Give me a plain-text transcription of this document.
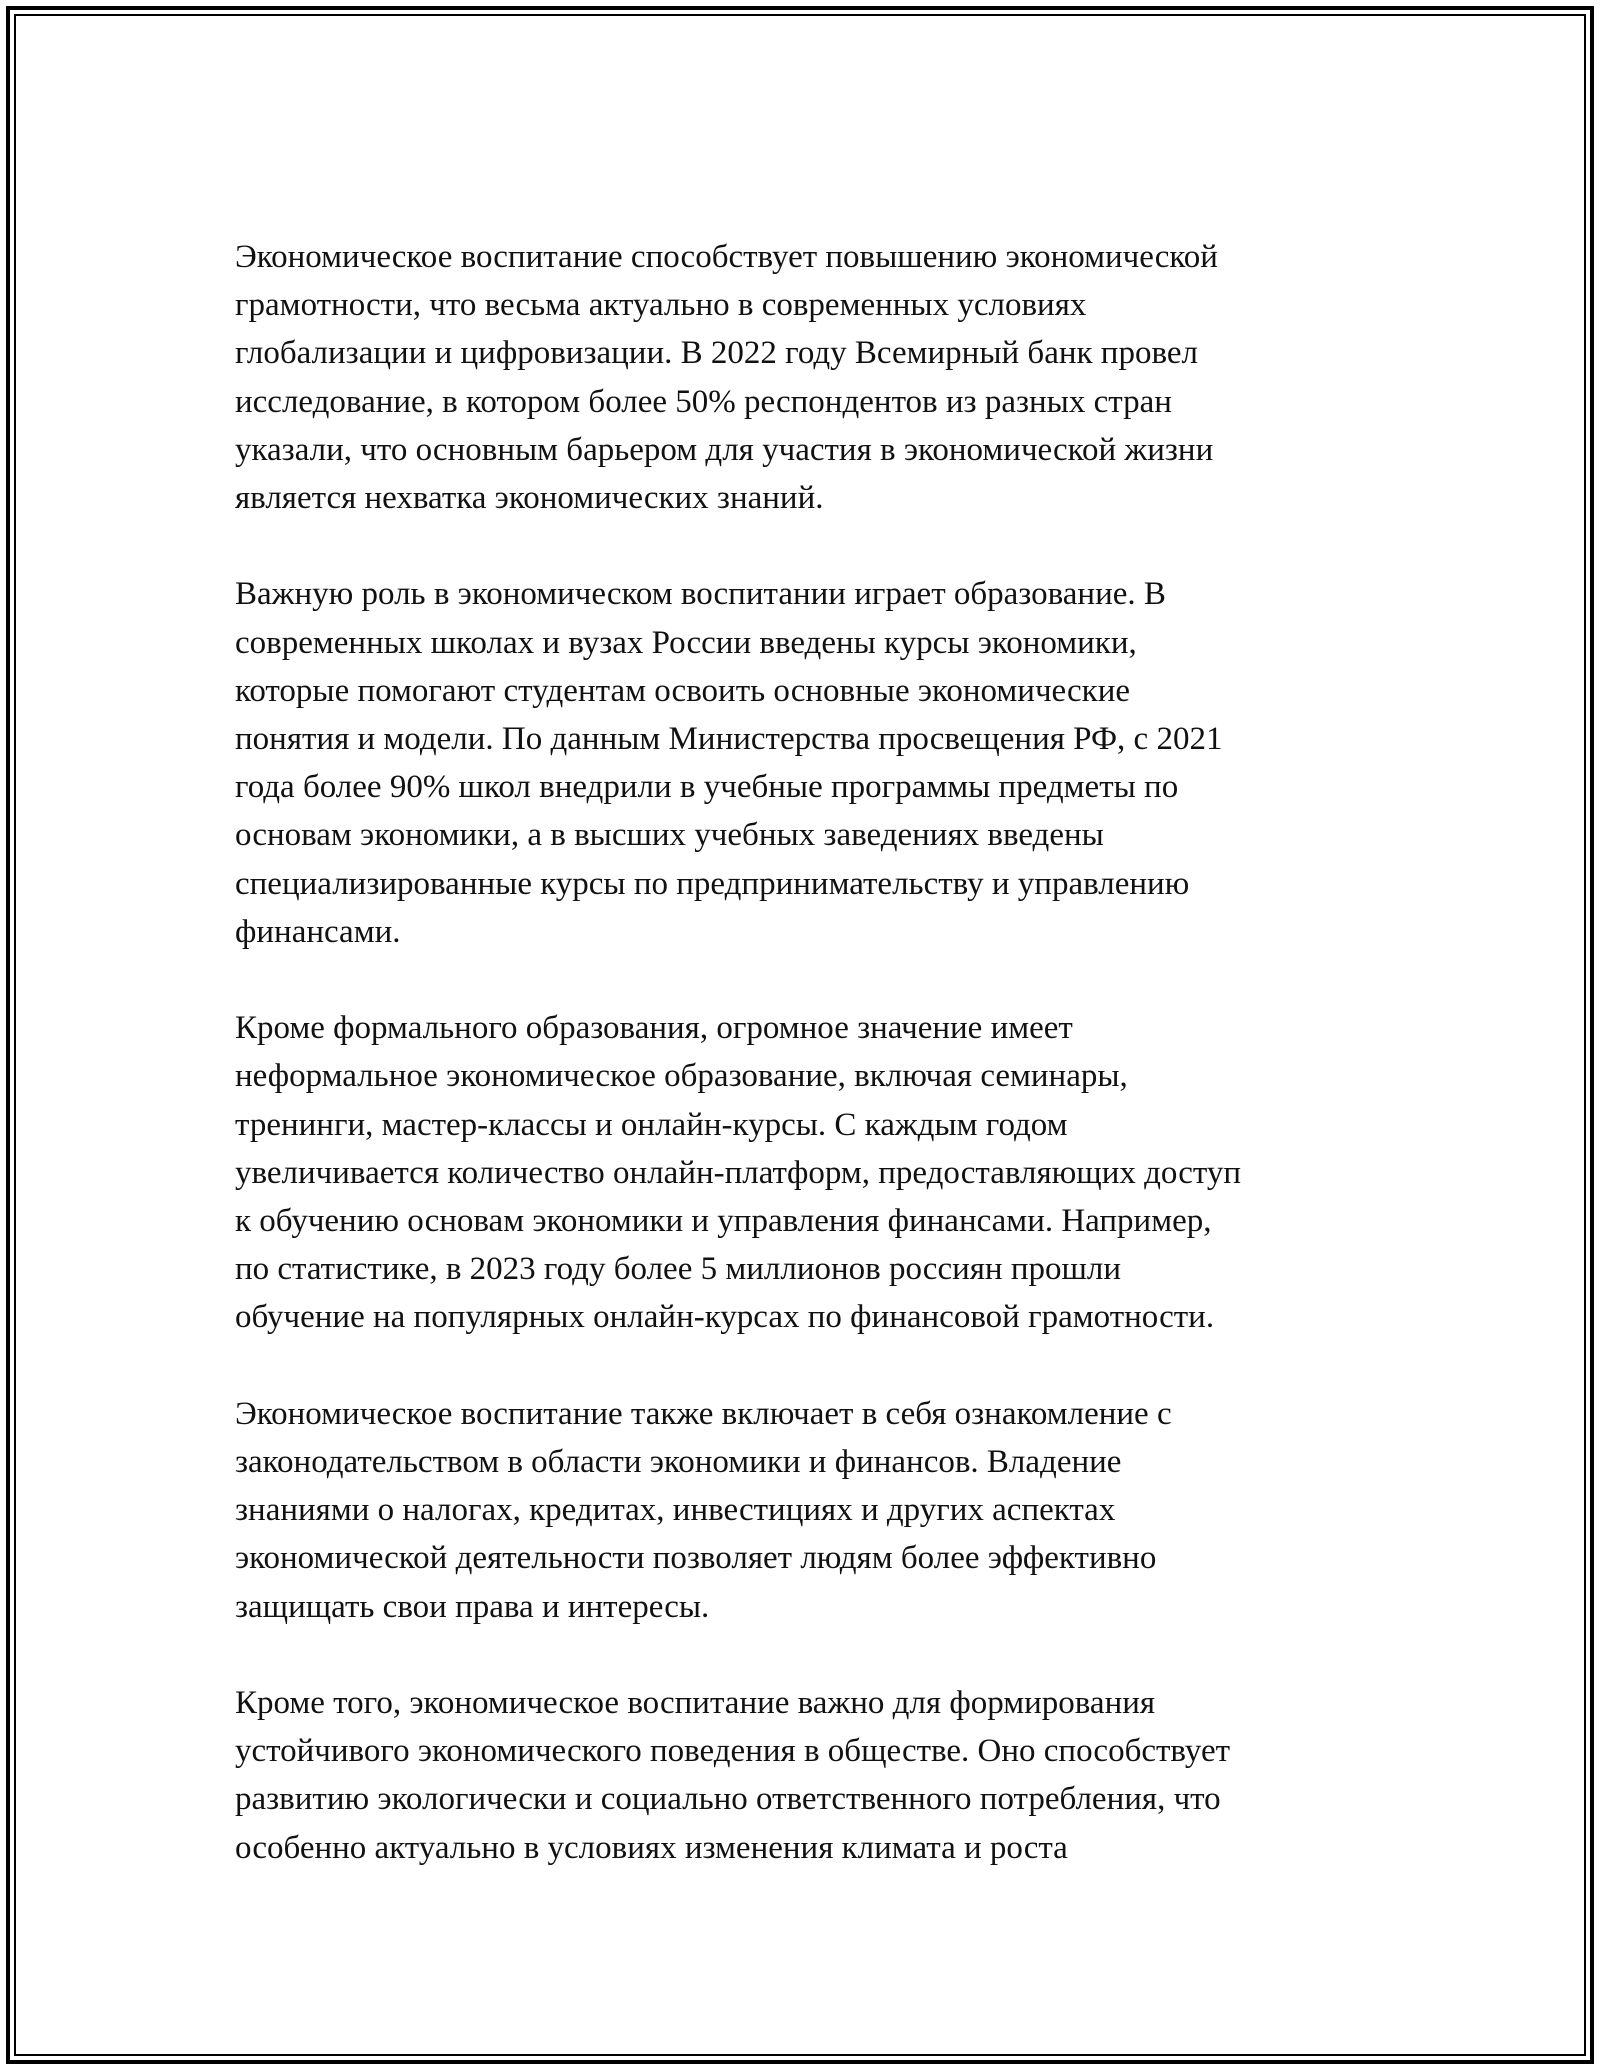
Экономическое воспитание способствует повышению экономической
грамотности, что весьма актуально в современных условиях
глобализации и цифровизации. В 2022 году Всемирный банк провел
исследование, в котором более 50% респондентов из разных стран
указали, что основным барьером для участия в экономической жизни
является нехватка экономических знаний.

Важную роль в экономическом воспитании играет образование. В
современных школах и вузах России введены курсы экономики,
которые помогают студентам освоить основные экономические
понятия и модели. По данным Министерства просвещения РФ, с 2021
года более 90% школ внедрили в учебные программы предметы по
основам экономики, а в высших учебных заведениях введены
специализированные курсы по предпринимательству и управлению
финансами.

Кроме формального образования, огромное значение имеет
неформальное экономическое образование, включая семинары,
тренинги, мастер-классы и онлайн-курсы. С каждым годом
увеличивается количество онлайн-платформ, предоставляющих доступ
к обучению основам экономики и управления финансами. Например,
по статистике, в 2023 году более 5 миллионов россиян прошли
обучение на популярных онлайн-курсах по финансовой грамотности.

Экономическое воспитание также включает в себя ознакомление с
законодательством в области экономики и финансов. Владение
знаниями о налогах, кредитах, инвестициях и других аспектах
экономической деятельности позволяет людям более эффективно
защищать свои права и интересы.

Кроме того, экономическое воспитание важно для формирования
устойчивого экономического поведения в обществе. Оно способствует
развитию экологически и социально ответственного потребления, что
особенно актуально в условиях изменения климата и роста
